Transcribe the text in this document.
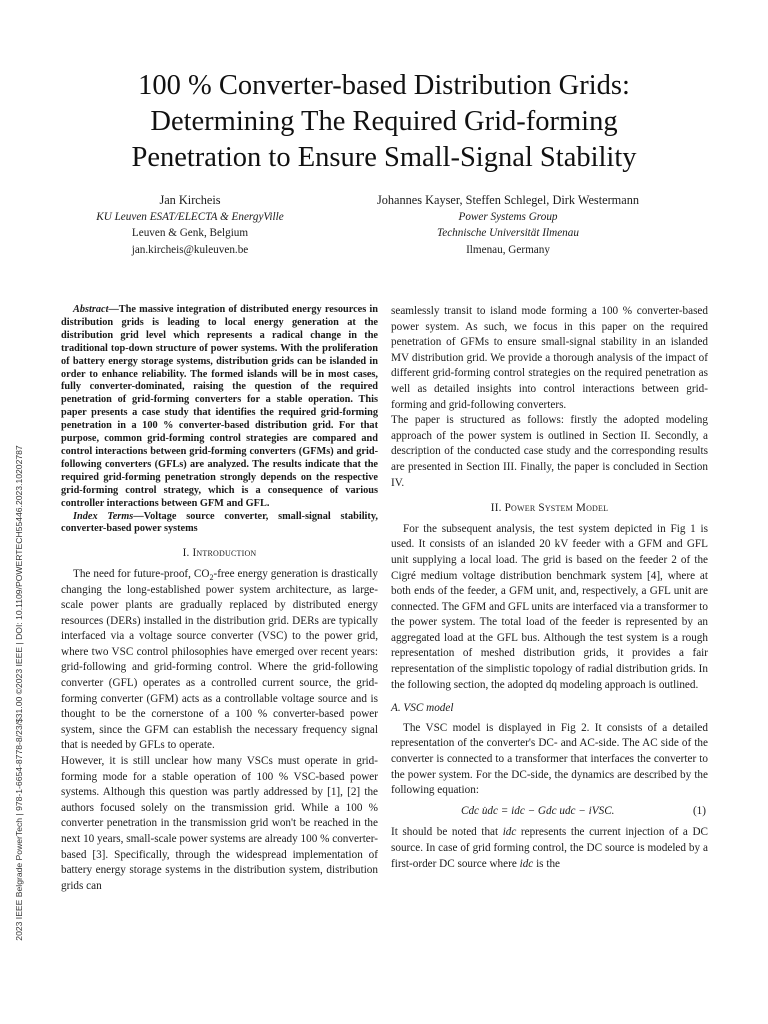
2023 IEEE Belgrade PowerTech | 978-1-6654-8778-8/23/$31.00 ©2023 IEEE | DOI: 10.1109/POWERTECH55446.2023.10202787
100 % Converter-based Distribution Grids:
Determining The Required Grid-forming
Penetration to Ensure Small-Signal Stability
Jan Kircheis
KU Leuven ESAT/ELECTA & EnergyVille
Leuven & Genk, Belgium
jan.kircheis@kuleuven.be
Johannes Kayser, Steffen Schlegel, Dirk Westermann
Power Systems Group
Technische Universität Ilmenau
Ilmenau, Germany

Abstract—The massive integration of distributed energy resources in distribution grids is leading to local energy generation at the distribution grid level which represents a radical change in the traditional top-down structure of power systems. With the proliferation of battery energy storage systems, distribution grids can be islanded in order to enhance reliability. The formed islands will be in most cases, fully converter-dominated, raising the question of the required penetration of grid-forming converters for a stable operation. This paper presents a case study that identifies the required grid-forming penetration in a 100 % converter-based distribution grid. For that purpose, common grid-forming control strategies are compared and control interactions between grid-forming converters (GFMs) and grid-following converters (GFLs) are analyzed. The results indicate that the required grid-forming penetration strongly depends on the respective grid-forming control strategy, which is a consequence of various controller interactions between GFM and GFL.

Index Terms—Voltage source converter, small-signal stability, converter-based power systems

I. Introduction

The need for future-proof, $CO_2$-free energy generation is drastically changing the long-established power system architecture, as large-scale power plants are gradually replaced by distributed energy resources (DERs) installed in the distribution grid. DERs are typically interfaced via a voltage source converter (VSC) to the power grid, where two VSC control philosophies have emerged over recent years: grid-following and grid-forming control. Where the grid-following converter (GFL) operates as a controlled current source, the grid-forming converter (GFM) acts as a controllable voltage source and is thought to be the cornerstone of a 100 % converter-based power system, since the GFM can establish the necessary frequency signal that is needed by GFLs to operate.

However, it is still unclear how many VSCs must operate in grid-forming mode for a stable operation of 100 % VSC-based power systems. Although this question was partly addressed by [1], [2] the authors focused solely on the transmission grid. While a 100 % converter penetration in the transmission grid won't be reached in the next 10 years, small-scale power systems are already 100 % converter-based [3]. Specifically, through the widespread implementation of battery energy storage systems in the distribution system, distribution grids can

seamlessly transit to island mode forming a 100 % converter-based power system. As such, we focus in this paper on the required penetration of GFMs to ensure small-signal stability in an islanded MV distribution grid. We provide a thorough analysis of the impact of different grid-forming control strategies on the required penetration as well as detailed insights into control interactions between grid-forming and grid-following converters.

The paper is structured as follows: firstly the adopted modeling approach of the power system is outlined in Section II. Secondly, a description of the conducted case study and the corresponding results are presented in Section III. Finally, the paper is concluded in Section IV.

II. Power System Model

For the subsequent analysis, the test system depicted in Fig 1 is used. It consists of an islanded 20 kV feeder with a GFM and GFL unit supplying a local load. The grid is based on the feeder 2 of the Cigré medium voltage distribution benchmark system [4], where at both ends of the feeder, a GFM unit, and, respectively, a GFL unit are connected. The GFM and GFL units are interfaced via a transformer to the power system. The total load of the feeder is represented by an aggregated load at the GFL bus. Although the test system is a rough representation of meshed distribution grids, it provides a fair representation of the simplistic topology of radial distribution grids. In the following section, the adopted dq modeling approach is outlined.

A. VSC model

The VSC model is displayed in Fig 2. It consists of a detailed representation of the converter's DC- and AC-side. The AC side of the converter is connected to a transformer that interfaces the converter to the power system. For the DC-side, the dynamics are described by the following equation:

Cdc u̇dc = idc − Gdc udc − iVSC.	(1)

It should be noted that idc represents the current injection of a DC source. In case of grid forming control, the DC source is modeled by a first-order DC source where idc is the
